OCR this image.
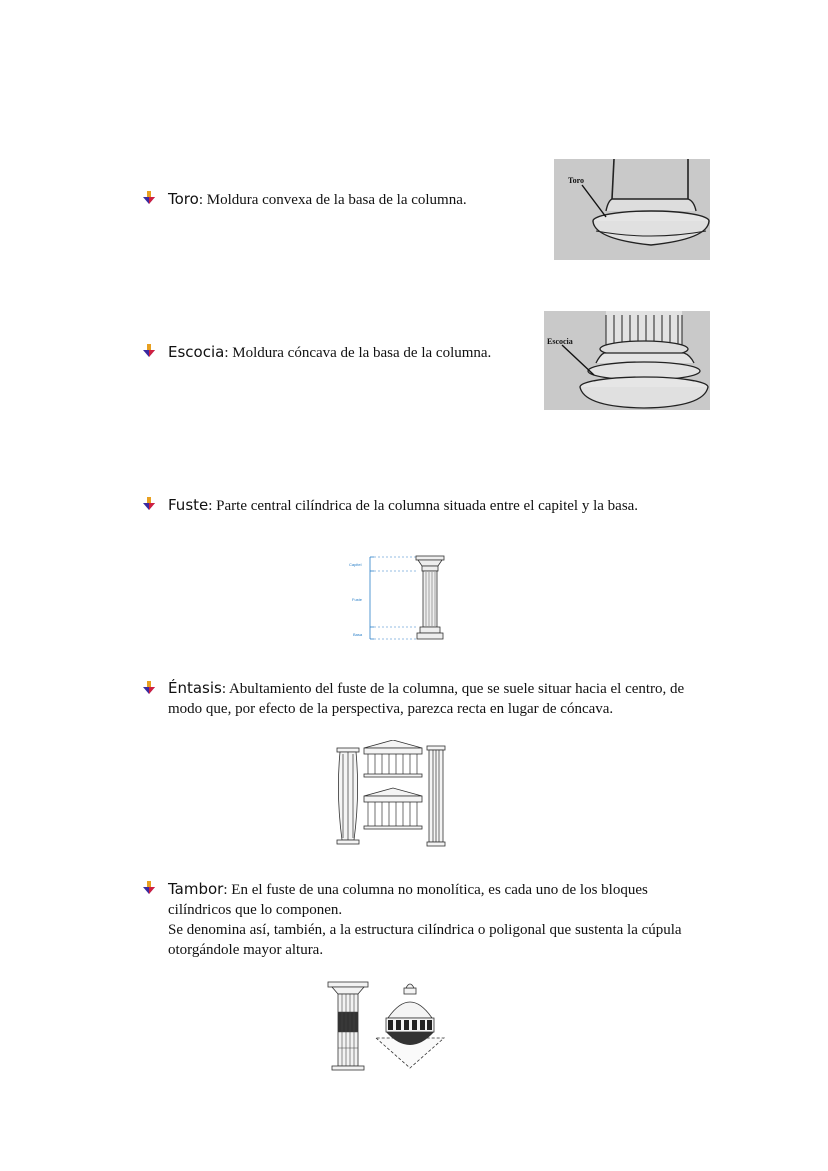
Toro: Moldura convexa de la basa de la columna.
Toro
Escocia: Moldura cóncava de la basa de la columna.
Escocia
Fuste: Parte central cilíndrica de la columna situada entre el capitel y la basa.
Capitel
Fuste
Basa
Éntasis: Abultamiento del fuste de la columna, que se suele situar hacia el centro, de
modo que, por efecto de la perspectiva, parezca recta en lugar de cóncava.
Tambor: En el fuste de una columna no monolítica, es cada uno de los bloques
cilíndricos que lo componen.
Se denomina así, también, a la estructura cilíndrica o poligonal que sustenta la cúpula
otorgándole mayor altura.
